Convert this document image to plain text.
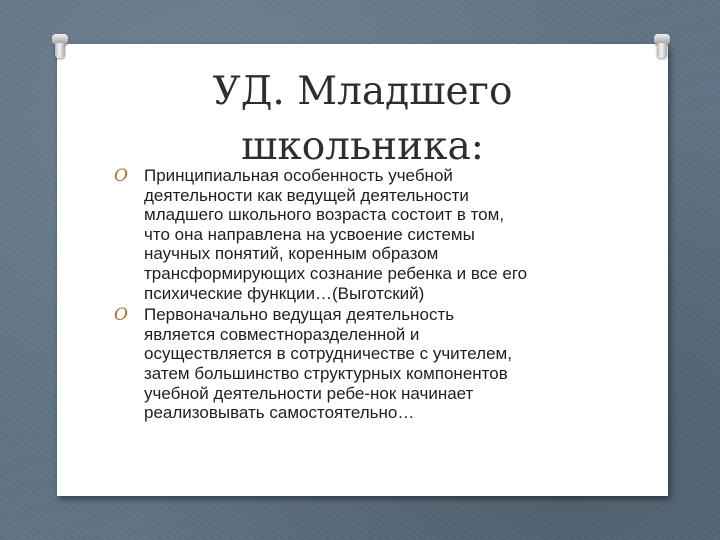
УД. Младшего
школьника:
O Принципиальная особенность учебной
деятельности как ведущей деятельности
младшего школьного возраста состоит в том,
что она направлена на усвоение системы
научных понятий, коренным образом
трансформирующих сознание ребенка и все его
психические функции…(Выготский)
O Первоначально ведущая деятельность
является совместноразделенной и
осуществляется в сотрудничестве с учителем,
затем большинство структурных компонентов
учебной деятельности ребе-нок начинает
реализовывать самостоятельно…
